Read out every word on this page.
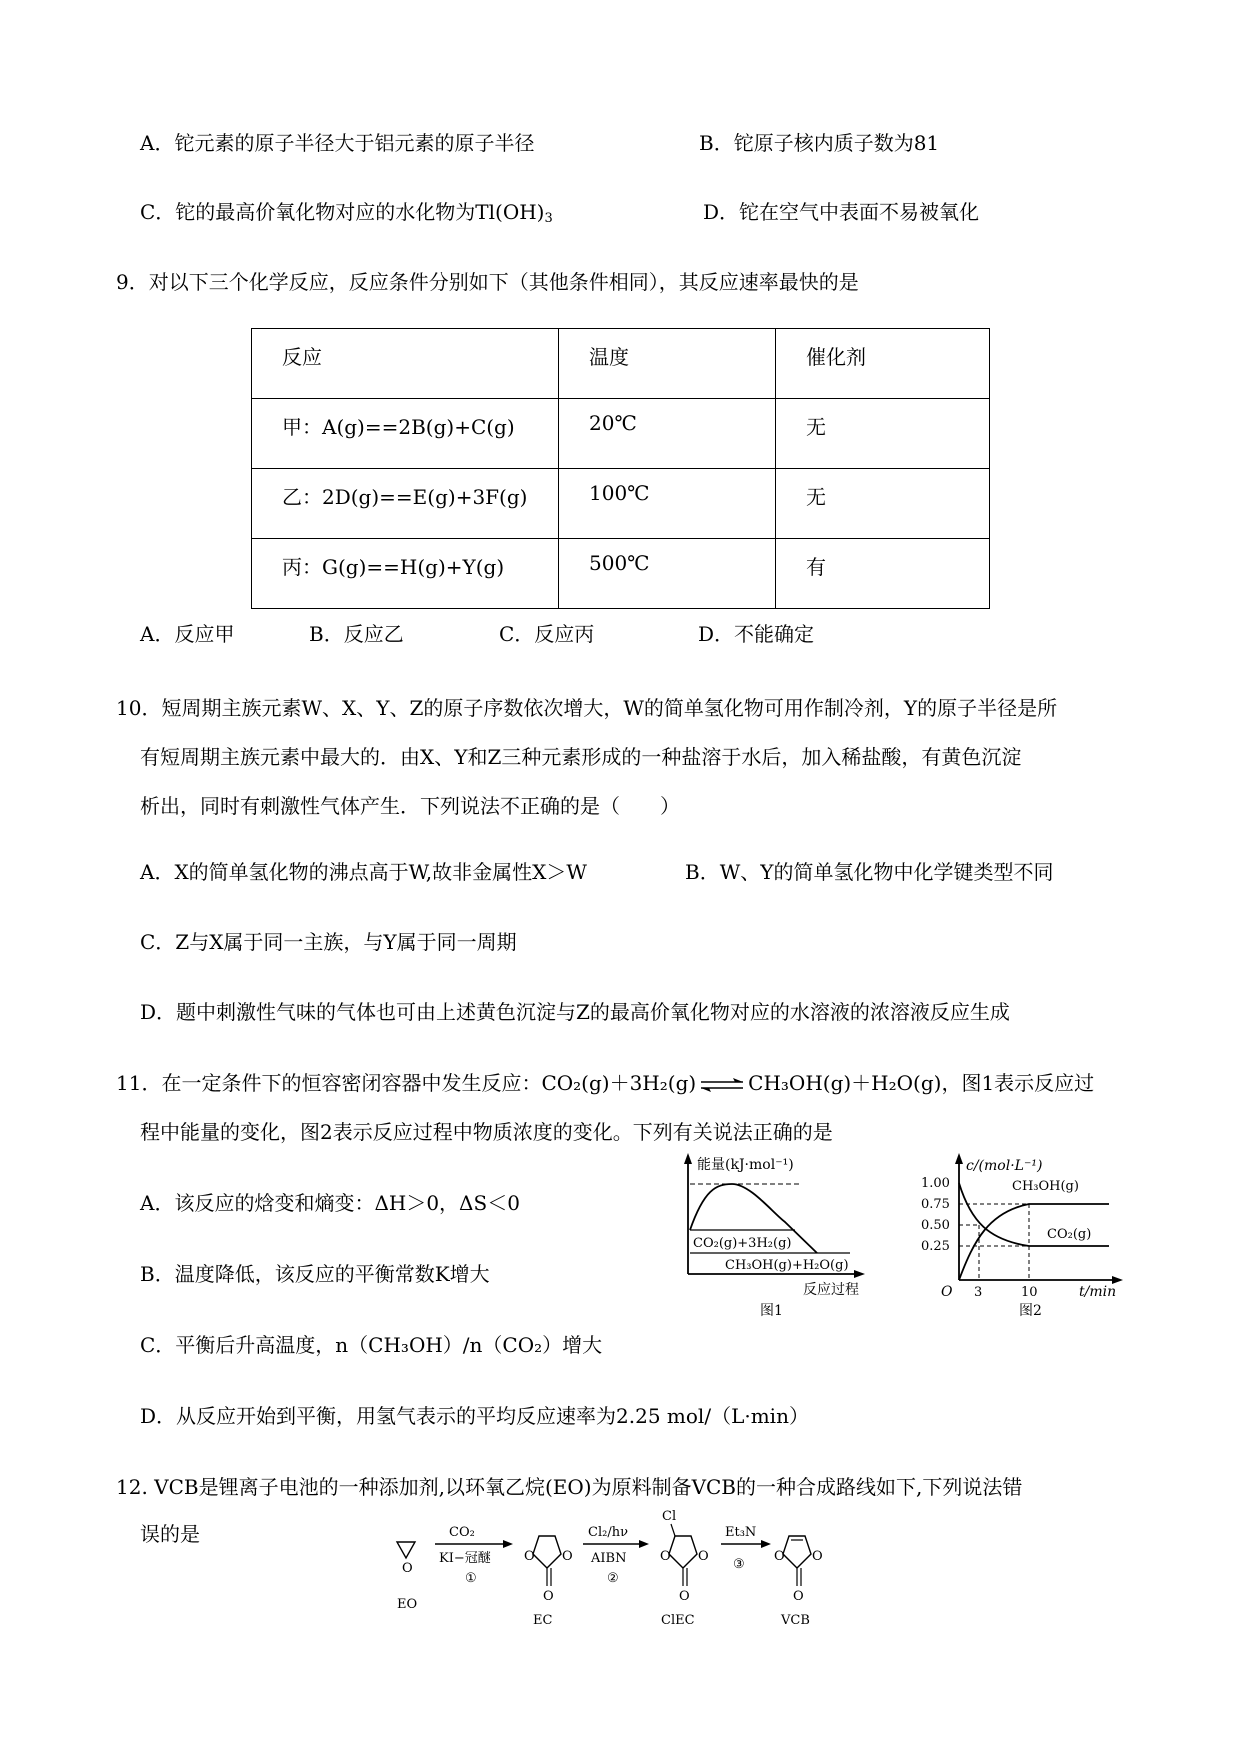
A．铊元素的原子半径大于铝元素的原子半径	B．铊原子核内质子数为81
C．铊的最高价氧化物对应的水化物为$Tl(OH)_3$	D．铊在空气中表面不易被氧化
9．对以下三个化学反应，反应条件分别如下（其他条件相同），其反应速率最快的是
反应	温度	催化剂

甲：A(g)==2B(g)+C(g)	20℃	无

乙：2D(g)==E(g)+3F(g)	100℃	无

丙：G(g)==H(g)+Y(g)	500℃	有
A．反应甲	B．反应乙	C．反应丙	D．不能确定
10．短周期主族元素W、X、Y、Z的原子序数依次增大，W的简单氢化物可用作制冷剂，Y的原子半径是所
有短周期主族元素中最大的．由X、Y和Z三种元素形成的一种盐溶于水后，加入稀盐酸，有黄色沉淀
析出，同时有刺激性气体产生．下列说法不正确的是（　　）
A．X的简单氢化物的沸点高于W,故非金属性X＞W	B．W、Y的简单氢化物中化学键类型不同
C．Z与X属于同一主族，与Y属于同一周期
D．题中刺激性气味的气体也可由上述黄色沉淀与Z的最高价氧化物对应的水溶液的浓溶液反应生成
11．在一定条件下的恒容密闭容器中发生反应：CO₂(g)＋3H₂(g) ⇌ CH₃OH(g)＋H₂O(g)，图1表示反应过
程中能量的变化，图2表示反应过程中物质浓度的变化。下列有关说法正确的是
A．该反应的焓变和熵变：ΔH＞0，ΔS＜0
B．温度降低，该反应的平衡常数K增大
C．平衡后升高温度，n（CH₃OH）/n（CO₂）增大
D．从反应开始到平衡，用氢气表示的平均反应速率为2.25 mol/（L·min）
能量(kJ·mol⁻¹)
CO₂(g)+3H₂(g)
CH₃OH(g)+H₂O(g)
反应过程
图1
c/(mol·L⁻¹)
1.00
0.75
0.50
0.25
CH₃OH(g)
CO₂(g)
O 3	10	t/min
图2
12. VCB是锂离子电池的一种添加剂,以环氧乙烷(EO)为原料制备VCB的一种合成路线如下,下列说法错
误的是
O
EO
CO₂
KI−冠醚
①
O O
O
EC
Cl₂/hν
AIBN
②
Cl
O O
O
ClEC
Et₃N
③
O O
O
VCB
